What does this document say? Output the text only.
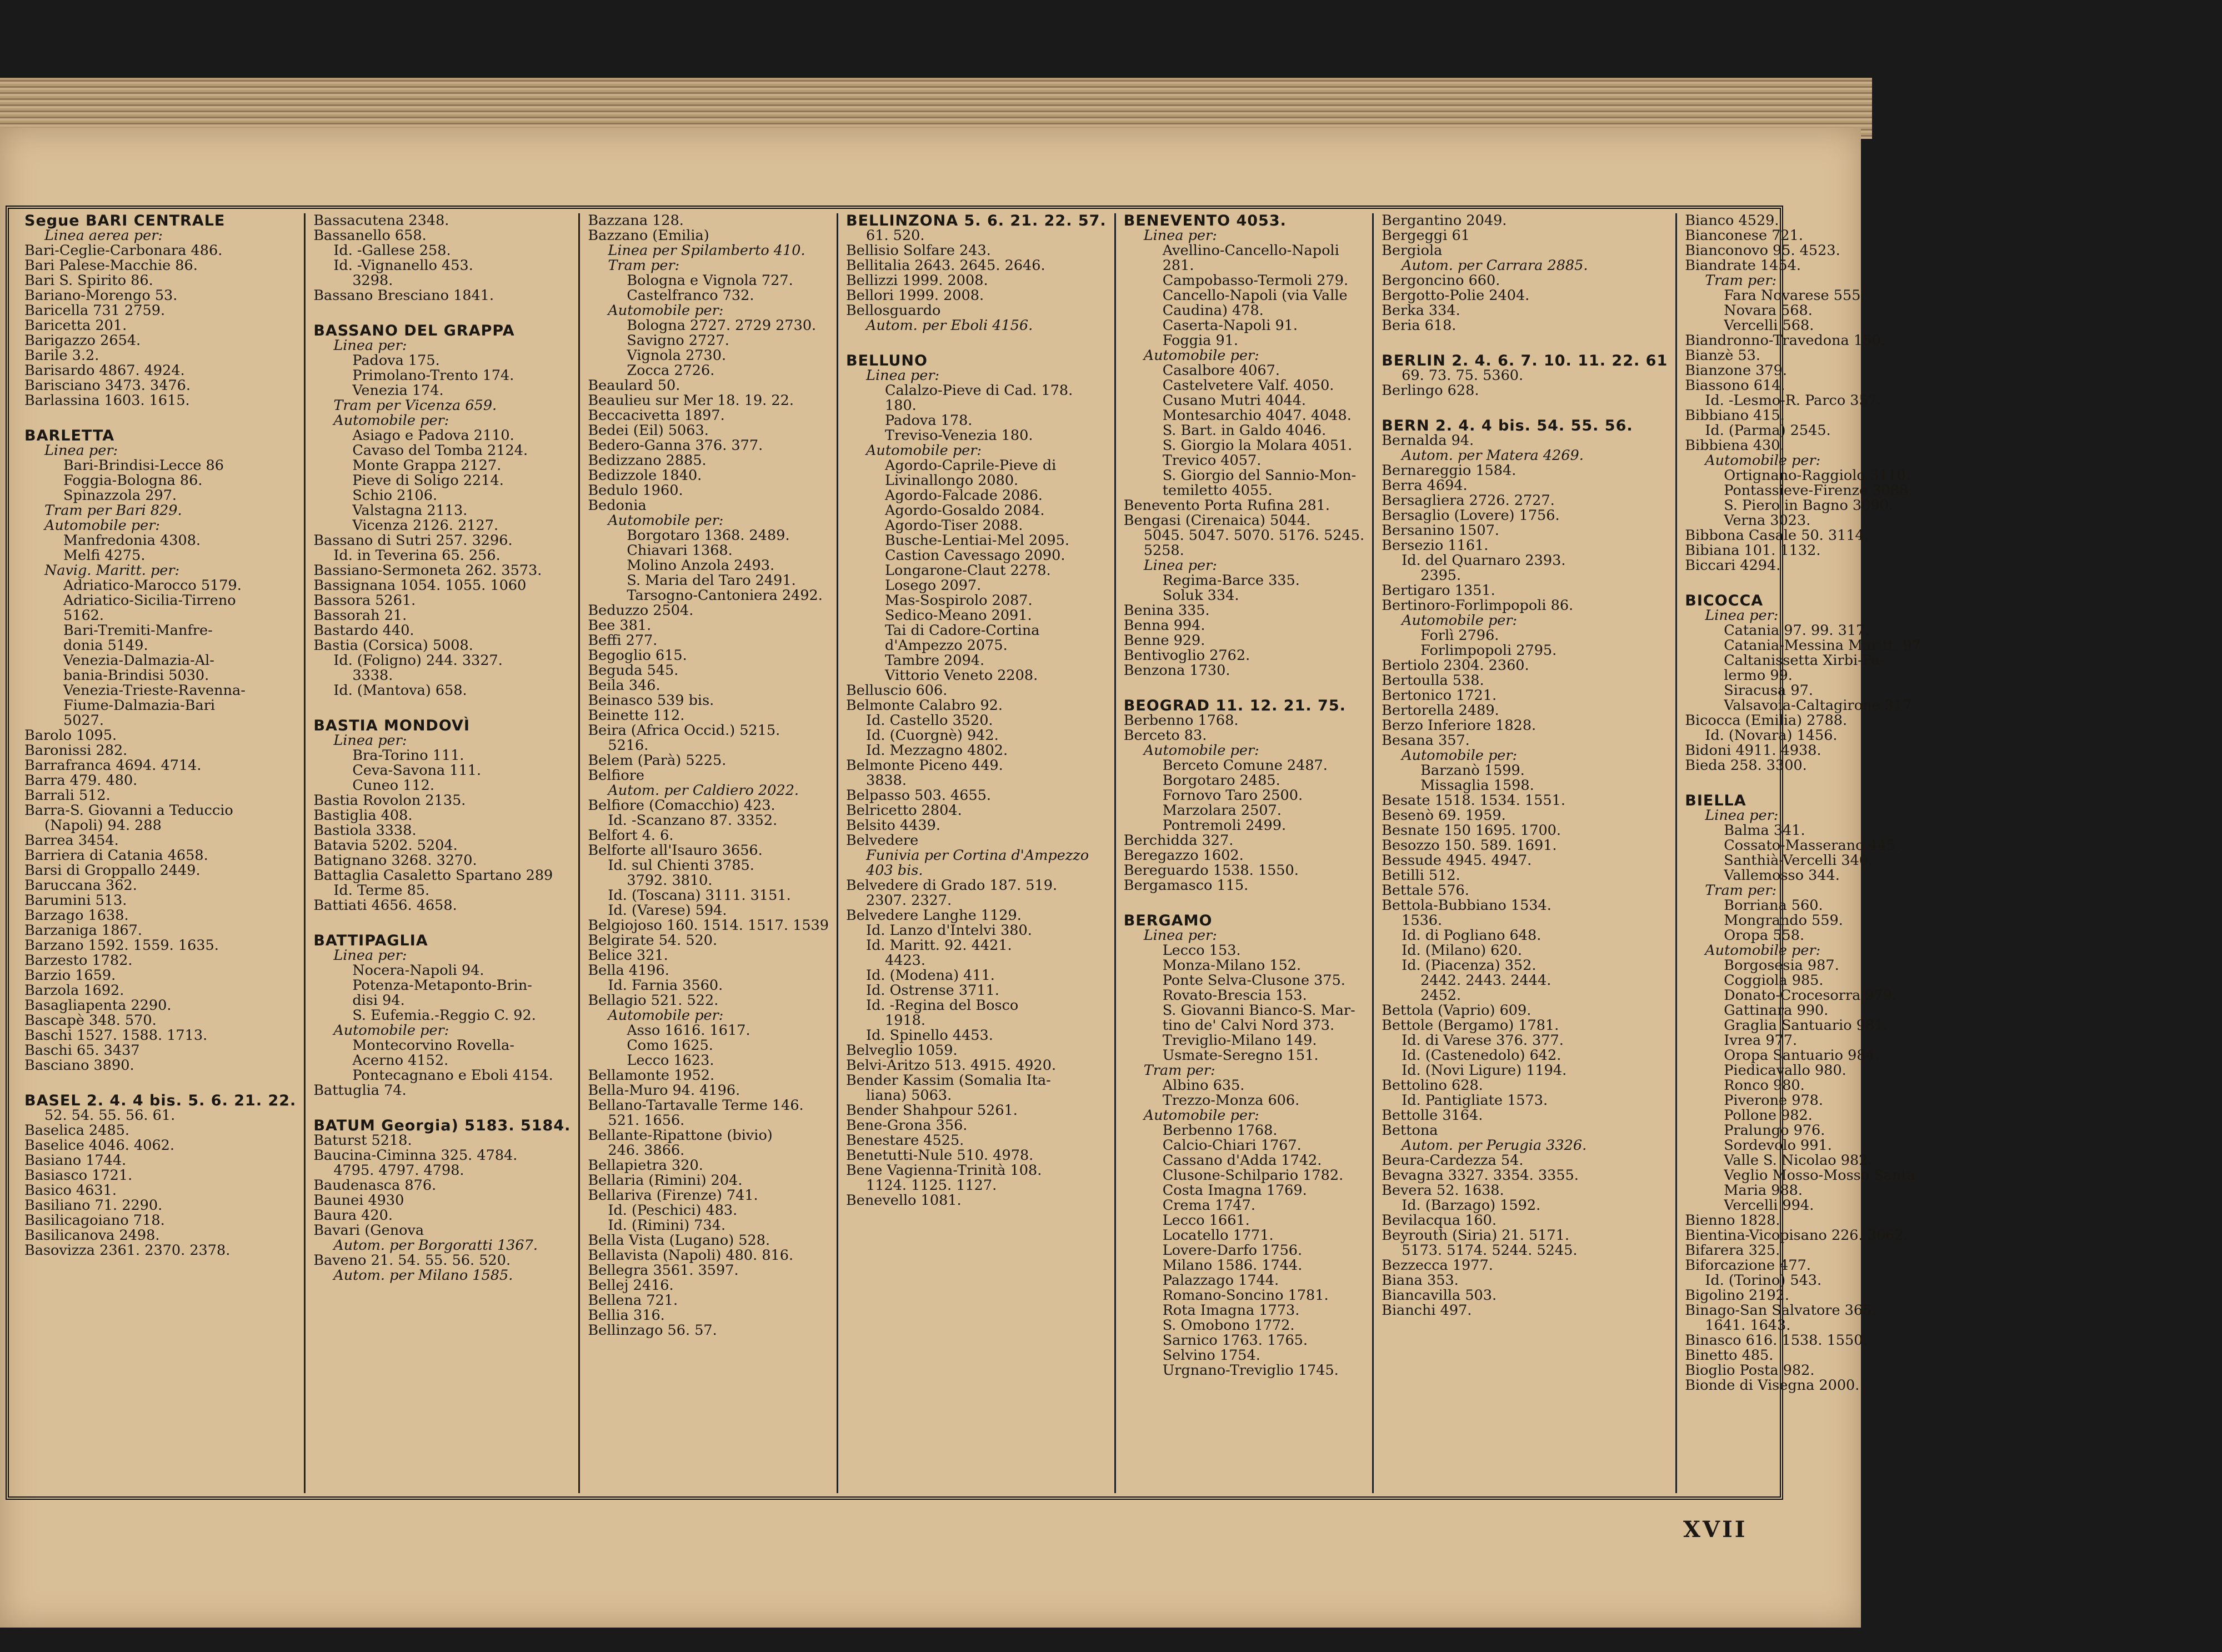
Segue BARI CENTRALE
Linea aerea per:
Bari-Ceglie-Carbonara 486.
Bari Palese-Macchie 86.
Bari S. Spirito 86.
Bariano-Morengo 53.
Baricella 731 2759.
Baricetta 201.
Barigazzo 2654.
Barile 3.2.
Barisardo 4867. 4924.
Barisciano 3473. 3476.
Barlassina 1603. 1615.
BARLETTA
Linea per:
Bari-Brindisi-Lecce 86
Foggia-Bologna 86.
Spinazzola 297.
Tram per Bari 829.
Automobile per:
Manfredonia 4308.
Melfi 4275.
Navig. Maritt. per:
Adriatico-Marocco 5179.
Adriatico-Sicilia-Tirreno
5162.
Bari-Tremiti-Manfre-
donia 5149.
Venezia-Dalmazia-Al-
bania-Brindisi 5030.
Venezia-Trieste-Ravenna-
Fiume-Dalmazia-Bari
5027.
Barolo 1095.
Baronissi 282.
Barrafranca 4694. 4714.
Barra 479. 480.
Barrali 512.
Barra-S. Giovanni a Teduccio
(Napoli) 94. 288
Barrea 3454.
Barriera di Catania 4658.
Barsi di Groppallo 2449.
Baruccana 362.
Barumini 513.
Barzago 1638.
Barzaniga 1867.
Barzano 1592. 1559. 1635.
Barzesto 1782.
Barzio 1659.
Barzola 1692.
Basagliapenta 2290.
Bascapè 348. 570.
Baschi 1527. 1588. 1713.
Baschi 65. 3437
Basciano 3890.
BASEL 2. 4. 4 bis. 5. 6. 21. 22.
52. 54. 55. 56. 61.
Baselica 2485.
Baselice 4046. 4062.
Basiano 1744.
Basiasco 1721.
Basico 4631.
Basiliano 71. 2290.
Basilicagoiano 718.
Basilicanova 2498.
Basovizza 2361. 2370. 2378.
Bassacutena 2348.
Bassanello 658.
Id. -Gallese 258.
Id. -Vignanello 453.
3298.
Bassano Bresciano 1841.
BASSANO DEL GRAPPA
Linea per:
Padova 175.
Primolano-Trento 174.
Venezia 174.
Tram per Vicenza 659.
Automobile per:
Asiago e Padova 2110.
Cavaso del Tomba 2124.
Monte Grappa 2127.
Pieve di Soligo 2214.
Schio 2106.
Valstagna 2113.
Vicenza 2126. 2127.
Bassano di Sutri 257. 3296.
Id. in Teverina 65. 256.
Bassiano-Sermoneta 262. 3573.
Bassignana 1054. 1055. 1060
Bassora 5261.
Bassorah 21.
Bastardo 440.
Bastia (Corsica) 5008.
Id. (Foligno) 244. 3327.
3338.
Id. (Mantova) 658.
BASTIA MONDOVÌ
Linea per:
Bra-Torino 111.
Ceva-Savona 111.
Cuneo 112.
Bastia Rovolon 2135.
Bastiglia 408.
Bastiola 3338.
Batavia 5202. 5204.
Batignano 3268. 3270.
Battaglia Casaletto Spartano 289
Id. Terme 85.
Battiati 4656. 4658.
BATTIPAGLIA
Linea per:
Nocera-Napoli 94.
Potenza-Metaponto-Brin-
disi 94.
S. Eufemia.-Reggio C. 92.
Automobile per:
Montecorvino Rovella-
Acerno 4152.
Pontecagnano e Eboli 4154.
Battuglia 74.
BATUM Georgia) 5183. 5184.
Baturst 5218.
Baucina-Ciminna 325. 4784.
4795. 4797. 4798.
Baudenasca 876.
Baunei 4930
Baura 420.
Bavari (Genova
Autom. per Borgoratti 1367.
Baveno 21. 54. 55. 56. 520.
Autom. per Milano 1585.
Bazzana 128.
Bazzano (Emilia)
Linea per Spilamberto 410.
Tram per:
Bologna e Vignola 727.
Castelfranco 732.
Automobile per:
Bologna 2727. 2729 2730.
Savigno 2727.
Vignola 2730.
Zocca 2726.
Beaulard 50.
Beaulieu sur Mer 18. 19. 22.
Beccacivetta 1897.
Bedei (Eil) 5063.
Bedero-Ganna 376. 377.
Bedizzano 2885.
Bedizzole 1840.
Bedulo 1960.
Bedonia
Automobile per:
Borgotaro 1368. 2489.
Chiavari 1368.
Molino Anzola 2493.
S. Maria del Taro 2491.
Tarsogno-Cantoniera 2492.
Beduzzo 2504.
Bee 381.
Beffi 277.
Begoglio 615.
Beguda 545.
Beila 346.
Beinasco 539 bis.
Beinette 112.
Beira (Africa Occid.) 5215.
5216.
Belem (Parà) 5225.
Belfiore
Autom. per Caldiero 2022.
Belfiore (Comacchio) 423.
Id. -Scanzano 87. 3352.
Belfort 4. 6.
Belforte all'Isauro 3656.
Id. sul Chienti 3785.
3792. 3810.
Id. (Toscana) 3111. 3151.
Id. (Varese) 594.
Belgiojoso 160. 1514. 1517. 1539
Belgirate 54. 520.
Belice 321.
Bella 4196.
Id. Farnia 3560.
Bellagio 521. 522.
Automobile per:
Asso 1616. 1617.
Como 1625.
Lecco 1623.
Bellamonte 1952.
Bella-Muro 94. 4196.
Bellano-Tartavalle Terme 146.
521. 1656.
Bellante-Ripattone (bivio)
246. 3866.
Bellapietra 320.
Bellaria (Rimini) 204.
Bellariva (Firenze) 741.
Id. (Peschici) 483.
Id. (Rimini) 734.
Bella Vista (Lugano) 528.
Bellavista (Napoli) 480. 816.
Bellegra 3561. 3597.
Bellej 2416.
Bellena 721.
Bellia 316.
Bellinzago 56. 57.
BELLINZONA 5. 6. 21. 22. 57.
61. 520.
Bellisio Solfare 243.
Bellitalia 2643. 2645. 2646.
Bellizzi 1999. 2008.
Bellori 1999. 2008.
Bellosguardo
Autom. per Eboli 4156.
BELLUNO
Linea per:
Calalzo-Pieve di Cad. 178.
180.
Padova 178.
Treviso-Venezia 180.
Automobile per:
Agordo-Caprile-Pieve di
Livinallongo 2080.
Agordo-Falcade 2086.
Agordo-Gosaldo 2084.
Agordo-Tiser 2088.
Busche-Lentiai-Mel 2095.
Castion Cavessago 2090.
Longarone-Claut 2278.
Losego 2097.
Mas-Sospirolo 2087.
Sedico-Meano 2091.
Tai di Cadore-Cortina
d'Ampezzo 2075.
Tambre 2094.
Vittorio Veneto 2208.
Belluscio 606.
Belmonte Calabro 92.
Id. Castello 3520.
Id. (Cuorgnè) 942.
Id. Mezzagno 4802.
Belmonte Piceno 449.
3838.
Belpasso 503. 4655.
Belricetto 2804.
Belsito 4439.
Belvedere
Funivia per Cortina d'Ampezzo
403 bis.
Belvedere di Grado 187. 519.
2307. 2327.
Belvedere Langhe 1129.
Id. Lanzo d'Intelvi 380.
Id. Maritt. 92. 4421.
4423.
Id. (Modena) 411.
Id. Ostrense 3711.
Id. -Regina del Bosco
1918.
Id. Spinello 4453.
Belveglio 1059.
Belvi-Aritzo 513. 4915. 4920.
Bender Kassim (Somalia Ita-
liana) 5063.
Bender Shahpour 5261.
Bene-Grona 356.
Benestare 4525.
Benetutti-Nule 510. 4978.
Bene Vagienna-Trinità 108.
1124. 1125. 1127.
Benevello 1081.
BENEVENTO 4053.
Linea per:
Avellino-Cancello-Napoli
281.
Campobasso-Termoli 279.
Cancello-Napoli (via Valle
Caudina) 478.
Caserta-Napoli 91.
Foggia 91.
Automobile per:
Casalbore 4067.
Castelvetere Valf. 4050.
Cusano Mutri 4044.
Montesarchio 4047. 4048.
S. Bart. in Galdo 4046.
S. Giorgio la Molara 4051.
Trevico 4057.
S. Giorgio del Sannio-Mon-
temiletto 4055.
Benevento Porta Rufina 281.
Bengasi (Cirenaica) 5044.
5045. 5047. 5070. 5176. 5245.
5258.
Linea per:
Regima-Barce 335.
Soluk 334.
Benina 335.
Benna 994.
Benne 929.
Bentivoglio 2762.
Benzona 1730.
BEOGRAD 11. 12. 21. 75.
Berbenno 1768.
Berceto 83.
Automobile per:
Berceto Comune 2487.
Borgotaro 2485.
Fornovo Taro 2500.
Marzolara 2507.
Pontremoli 2499.
Berchidda 327.
Beregazzo 1602.
Bereguardo 1538. 1550.
Bergamasco 115.
BERGAMO
Linea per:
Lecco 153.
Monza-Milano 152.
Ponte Selva-Clusone 375.
Rovato-Brescia 153.
S. Giovanni Bianco-S. Mar-
tino de' Calvi Nord 373.
Treviglio-Milano 149.
Usmate-Seregno 151.
Tram per:
Albino 635.
Trezzo-Monza 606.
Automobile per:
Berbenno 1768.
Calcio-Chiari 1767.
Cassano d'Adda 1742.
Clusone-Schilpario 1782.
Costa Imagna 1769.
Crema 1747.
Lecco 1661.
Locatello 1771.
Lovere-Darfo 1756.
Milano 1586. 1744.
Palazzago 1744.
Romano-Soncino 1781.
Rota Imagna 1773.
S. Omobono 1772.
Sarnico 1763. 1765.
Selvino 1754.
Urgnano-Treviglio 1745.
Bergantino 2049.
Bergeggi 61
Bergiola
Autom. per Carrara 2885.
Bergoncino 660.
Bergotto-Polie 2404.
Berka 334.
Beria 618.
BERLIN 2. 4. 6. 7. 10. 11. 22. 61
69. 73. 75. 5360.
Berlingo 628.
BERN 2. 4. 4 bis. 54. 55. 56.
Bernalda 94.
Autom. per Matera 4269.
Bernareggio 1584.
Berra 4694.
Bersagliera 2726. 2727.
Bersaglio (Lovere) 1756.
Bersanino 1507.
Bersezio 1161.
Id. del Quarnaro 2393.
2395.
Bertigaro 1351.
Bertinoro-Forlimpopoli 86.
Automobile per:
Forlì 2796.
Forlimpopoli 2795.
Bertiolo 2304. 2360.
Bertoulla 538.
Bertonico 1721.
Bertorella 2489.
Berzo Inferiore 1828.
Besana 357.
Automobile per:
Barzanò 1599.
Missaglia 1598.
Besate 1518. 1534. 1551.
Besenò 69. 1959.
Besnate 150 1695. 1700.
Besozzo 150. 589. 1691.
Bessude 4945. 4947.
Betilli 512.
Bettale 576.
Bettola-Bubbiano 1534.
1536.
Id. di Pogliano 648.
Id. (Milano) 620.
Id. (Piacenza) 352.
2442. 2443. 2444.
2452.
Bettola (Vaprio) 609.
Bettole (Bergamo) 1781.
Id. di Varese 376. 377.
Id. (Castenedolo) 642.
Id. (Novi Ligure) 1194.
Bettolino 628.
Id. Pantigliate 1573.
Bettolle 3164.
Bettona
Autom. per Perugia 3326.
Beura-Cardezza 54.
Bevagna 3327. 3354. 3355.
Bevera 52. 1638.
Id. (Barzago) 1592.
Bevilacqua 160.
Beyrouth (Siria) 21. 5171.
5173. 5174. 5244. 5245.
Bezzecca 1977.
Biana 353.
Biancavilla 503.
Bianchi 497.
Bianco 4529.
Bianconese 721.
Bianconovo 95. 4523.
Biandrate 1454.
Tram per:
Fara Novarese 555.
Novara 568.
Vercelli 568.
Biandronno-Travedona 150.
Bianzè 53.
Bianzone 379.
Biassono 614.
Id. -Lesmo-R. Parco 357.
Bibbiano 415.
Id. (Parma) 2545.
Bibbiena 430.
Automobile per:
Ortignano-Raggiolo 3110.
Pontassieve-Firenze 3088.
S. Piero in Bagno 3090.
Verna 3023.
Bibbona Casale 50. 3114.
Bibiana 101. 1132.
Biccari 4294.
BICOCCA
Linea per:
Catania 97. 99. 317.
Catania-Messina Maritt. 97
Caltanissetta Xirbi-Pa-
lermo 99.
Siracusa 97.
Valsavoia-Caltagirone 317
Bicocca (Emilia) 2788.
Id. (Novara) 1456.
Bidoni 4911. 4938.
Bieda 258. 3300.
BIELLA
Linea per:
Balma 341.
Cossato-Masserano 445.
Santhià-Vercelli 340.
Vallemosso 344.
Tram per:
Borriana 560.
Mongrando 559.
Oropa 558.
Automobile per:
Borgosesia 987.
Coggiola 985.
Donato-Crocesorra 979.
Gattinara 990.
Graglia Santuario 981.
Ivrea 977.
Oropa Santuario 984.
Piedicavallo 980.
Ronco 980.
Piverone 978.
Pollone 982.
Pralungo 976.
Sordevolo 991.
Valle S. Nicolao 982.
Veglio Mosso-Mosso Santa
Maria 988.
Vercelli 994.
Bienno 1828.
Bientina-Vicopisano 226. 3062.
Bifarera 325.
Biforcazione 477.
Id. (Torino) 543.
Bigolino 2192.
Binago-San Salvatore 365.
1641. 1643.
Binasco 616. 1538. 1550.
Binetto 485.
Bioglio Posta 982.
Bionde di Visegna 2000.
XVII
